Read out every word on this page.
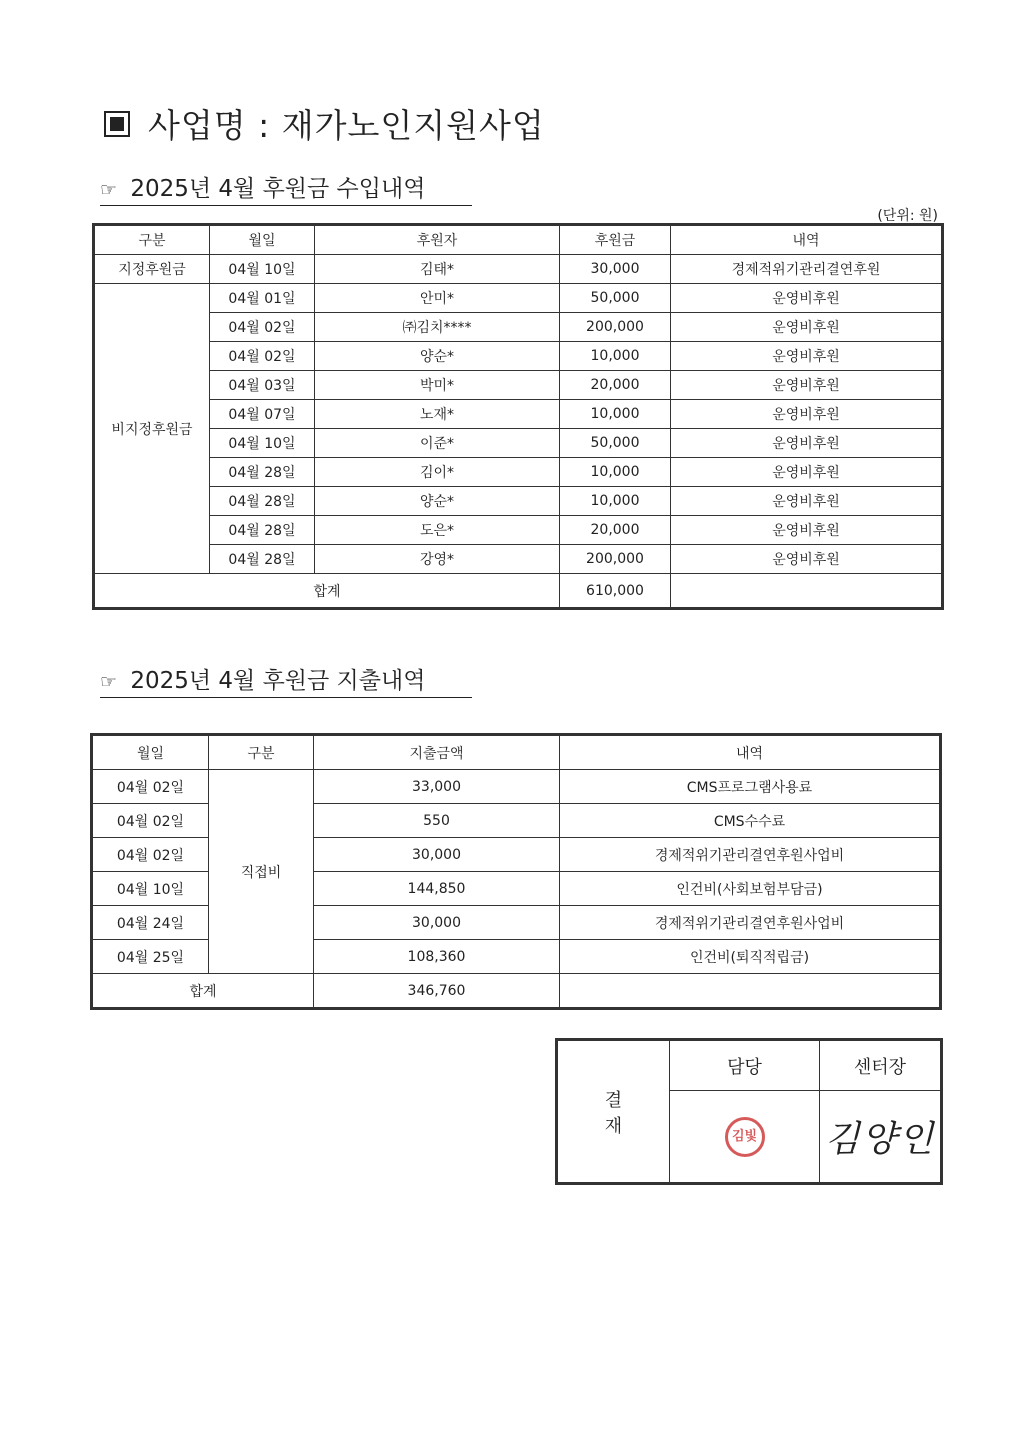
사업명 : 재가노인지원사업
☞ 2025년 4월 후원금 수입내역
(단위: 원)
구분	월일	후원자	후원금	내역
지정후원금	04월 10일	김태*	30,000	경제적위기관리결연후원
비지정후원금	04월 01일	안미*	50,000	운영비후원
	04월 02일	㈜김치****	200,000	운영비후원
	04월 02일	양순*	10,000	운영비후원
	04월 03일	박미*	20,000	운영비후원
	04월 07일	노재*	10,000	운영비후원
	04월 10일	이준*	50,000	운영비후원
	04월 28일	김이*	10,000	운영비후원
	04월 28일	양순*	10,000	운영비후원
	04월 28일	도은*	20,000	운영비후원
	04월 28일	강영*	200,000	운영비후원
합계			610,000	
☞ 2025년 4월 후원금 지출내역
월일	구분	지출금액	내역
04월 02일	직접비	33,000	CMS프로그램사용료
04월 02일		550	CMS수수료
04월 02일		30,000	경제적위기관리결연후원사업비
04월 10일		144,850	인건비(사회보험부담금)
04월 24일		30,000	경제적위기관리결연후원사업비
04월 25일		108,360	인건비(퇴직적립금)
합계		346,760	
결
재	담당	센터장
	김빛	김양인
